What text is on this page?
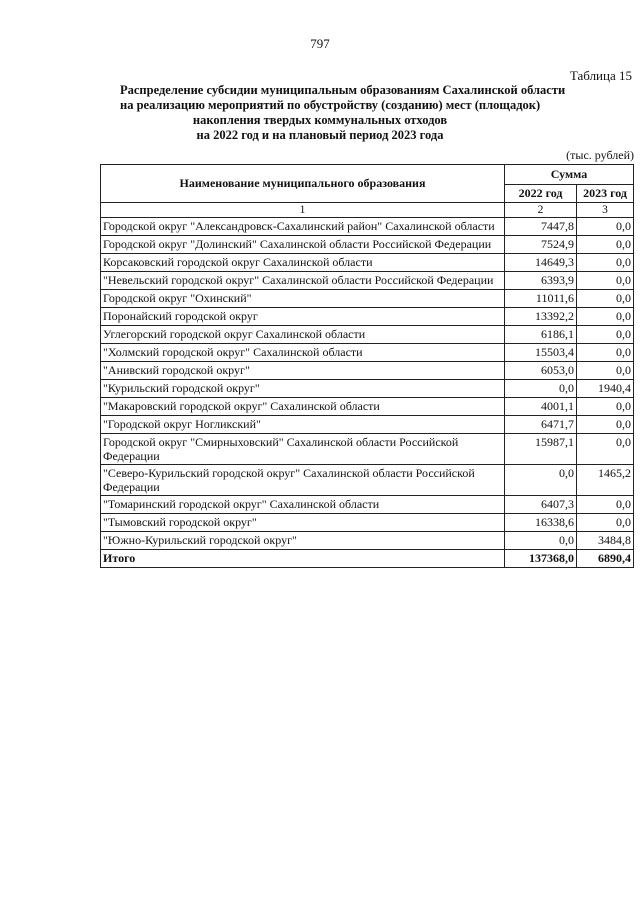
797
Таблица 15
Распределение субсидии муниципальным образованиям Сахалинской области
на реализацию мероприятий по обустройству (созданию) мест (площадок)
накопления твердых коммунальных отходов
на 2022 год и на плановый период 2023 года
(тыс. рублей)
Наименование муниципального образования	Сумма	
	2022 год	2023 год
1	2	3
Городской округ "Александровск-Сахалинский район" Сахалинской области	7447,8	0,0
Городской округ "Долинский" Сахалинской области Российской Федерации	7524,9	0,0
Корсаковский городской округ Сахалинской области	14649,3	0,0
"Невельский городской округ" Сахалинской области Российской Федерации	6393,9	0,0
Городской округ "Охинский"	11011,6	0,0
Поронайский городской округ	13392,2	0,0
Углегорский городской округ Сахалинской области	6186,1	0,0
"Холмский городской округ" Сахалинской области	15503,4	0,0
"Анивский городской округ"	6053,0	0,0
"Курильский городской округ"	0,0	1940,4
"Макаровский городской округ" Сахалинской области	4001,1	0,0
"Городской округ Ногликский"	6471,7	0,0
Городской округ "Смирныховский" Сахалинской области Российской Федерации	15987,1	0,0
"Северо-Курильский городской округ" Сахалинской области Российской Федерации	0,0	1465,2
"Томаринский городской округ" Сахалинской области	6407,3	0,0
"Тымовский городской округ"	16338,6	0,0
"Южно-Курильский городской округ"	0,0	3484,8
Итого	137368,0	6890,4
